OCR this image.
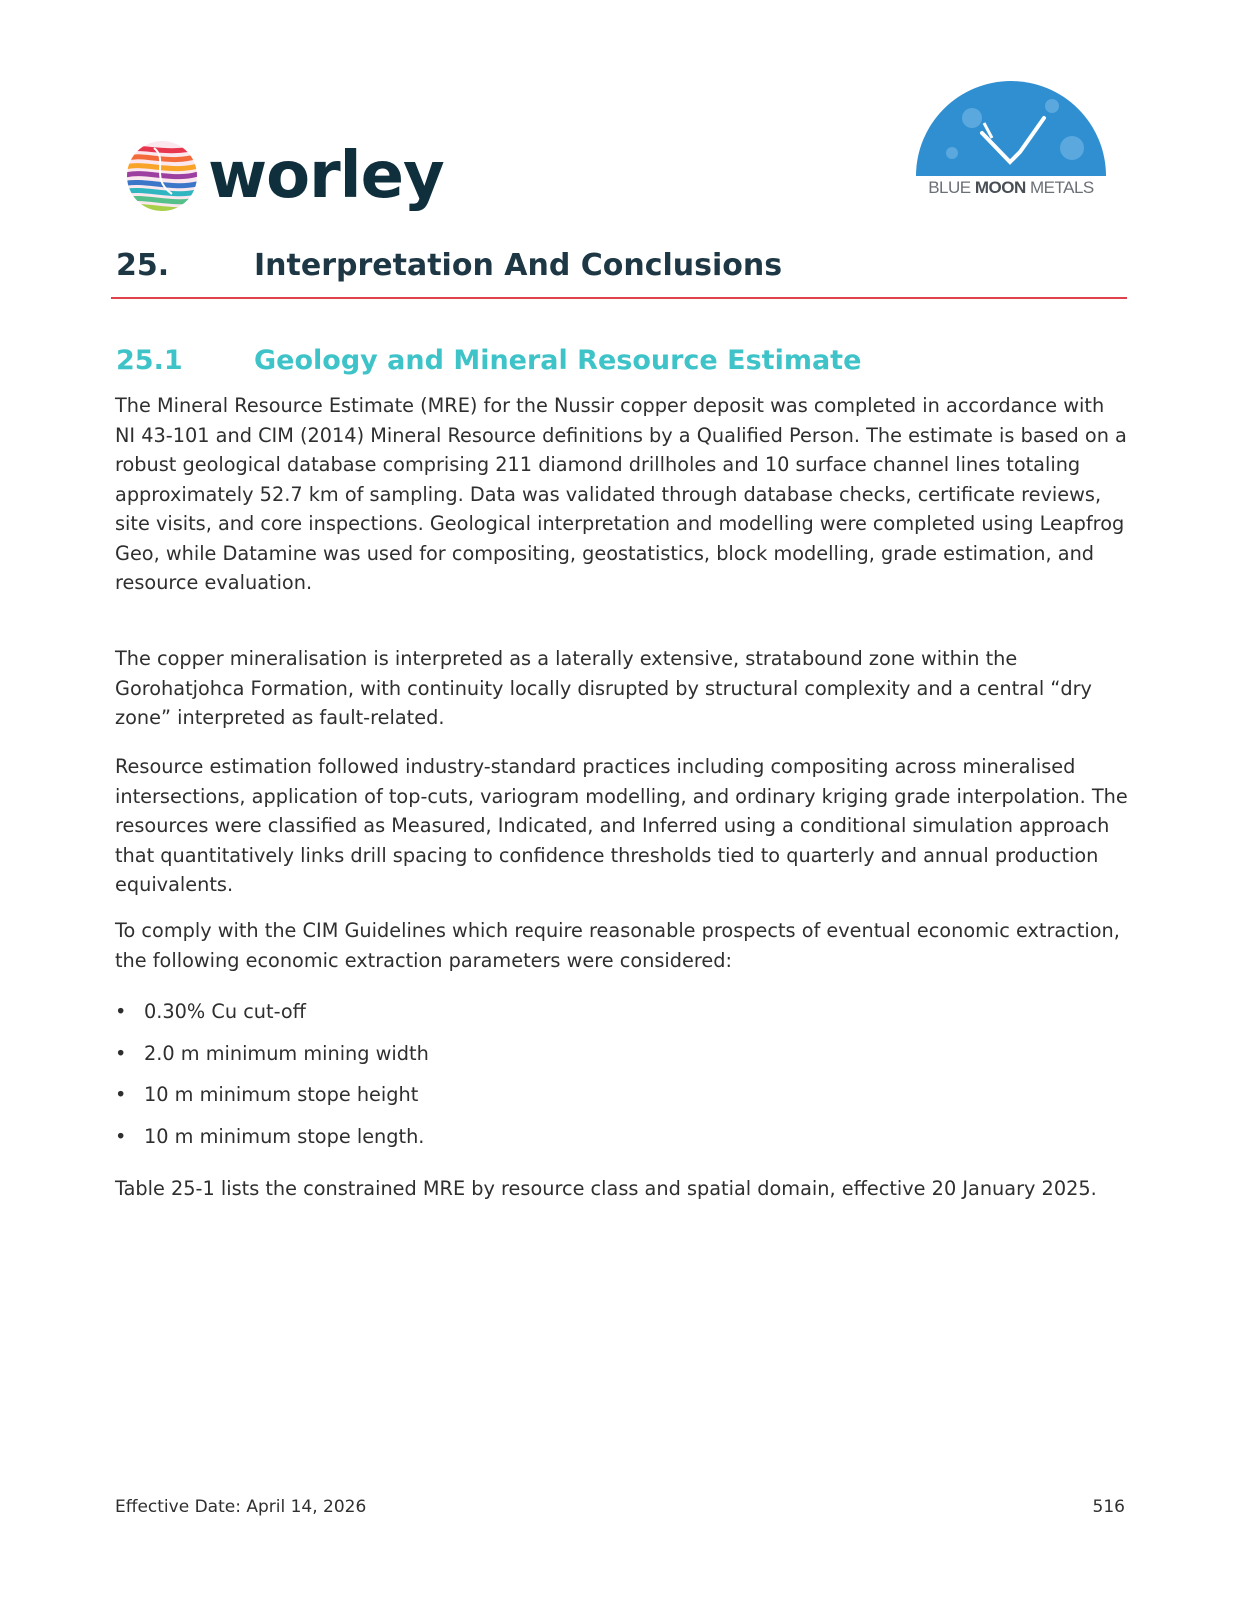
worley	BLUE MOON METALS
25.	Interpretation And Conclusions
25.1	Geology and Mineral Resource Estimate

The Mineral Resource Estimate (MRE) for the Nussir copper deposit was completed in accordance with NI 43-101 and CIM (2014) Mineral Resource definitions by a Qualified Person. The estimate is based on a robust geological database comprising 211 diamond drillholes and 10 surface channel lines totaling approximately 52.7 km of sampling. Data was validated through database checks, certificate reviews, site visits, and core inspections. Geological interpretation and modelling were completed using Leapfrog Geo, while Datamine was used for compositing, geostatistics, block modelling, grade estimation, and resource evaluation.

The copper mineralisation is interpreted as a laterally extensive, stratabound zone within the Gorohatjohca Formation, with continuity locally disrupted by structural complexity and a central “dry zone” interpreted as fault-related.

Resource estimation followed industry-standard practices including compositing across mineralised intersections, application of top-cuts, variogram modelling, and ordinary kriging grade interpolation. The resources were classified as Measured, Indicated, and Inferred using a conditional simulation approach that quantitatively links drill spacing to confidence thresholds tied to quarterly and annual production equivalents.

To comply with the CIM Guidelines which require reasonable prospects of eventual economic extraction, the following economic extraction parameters were considered:

• 0.30% Cu cut-off
• 2.0 m minimum mining width
• 10 m minimum stope height
• 10 m minimum stope length.

Table 25-1 lists the constrained MRE by resource class and spatial domain, effective 20 January 2025.

Effective Date: April 14, 2026	516
